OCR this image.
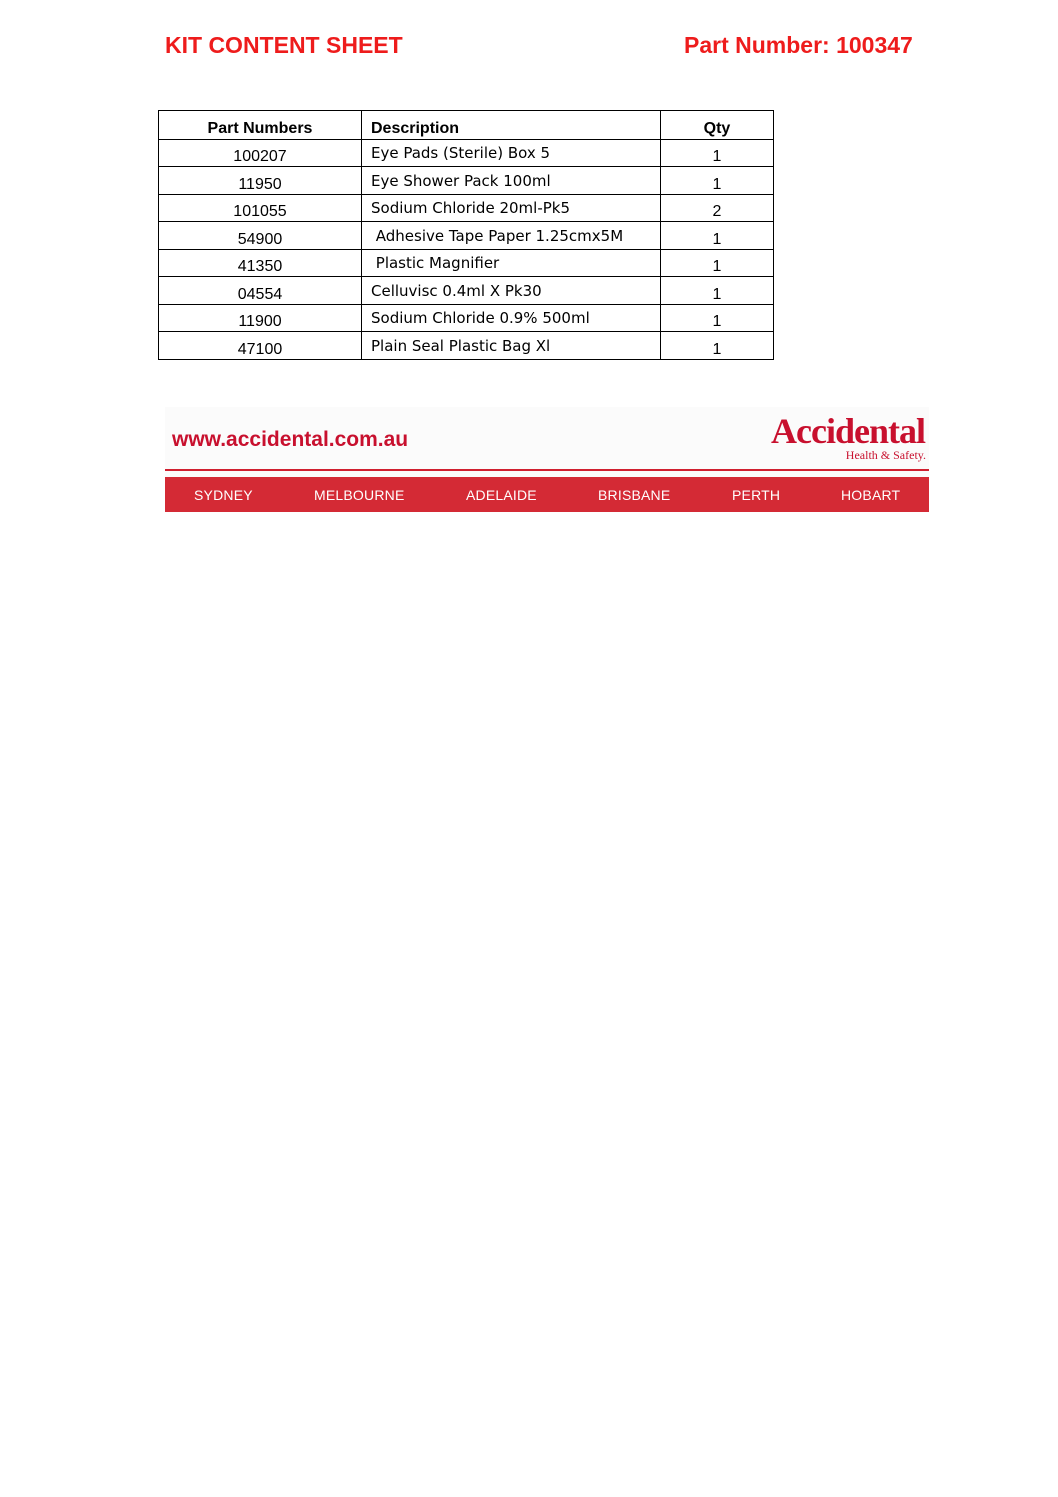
KIT CONTENT SHEET	Part Number: 100347
Part Numbers	Description	Qty
100207	Eye Pads (Sterile) Box 5	1
11950	Eye Shower Pack 100ml	1
101055	Sodium Chloride 20ml-Pk5	2
54900	Adhesive Tape Paper 1.25cmx5M	1
41350	Plastic Magnifier	1
04554	Celluvisc 0.4ml X Pk30	1
11900	Sodium Chloride 0.9% 500ml	1
47100	Plain Seal Plastic Bag Xl	1
www.accidental.com.au	Accidental
Health & Safety.
SYDNEY	MELBOURNE	ADELAIDE	BRISBANE	PERTH	HOBART
